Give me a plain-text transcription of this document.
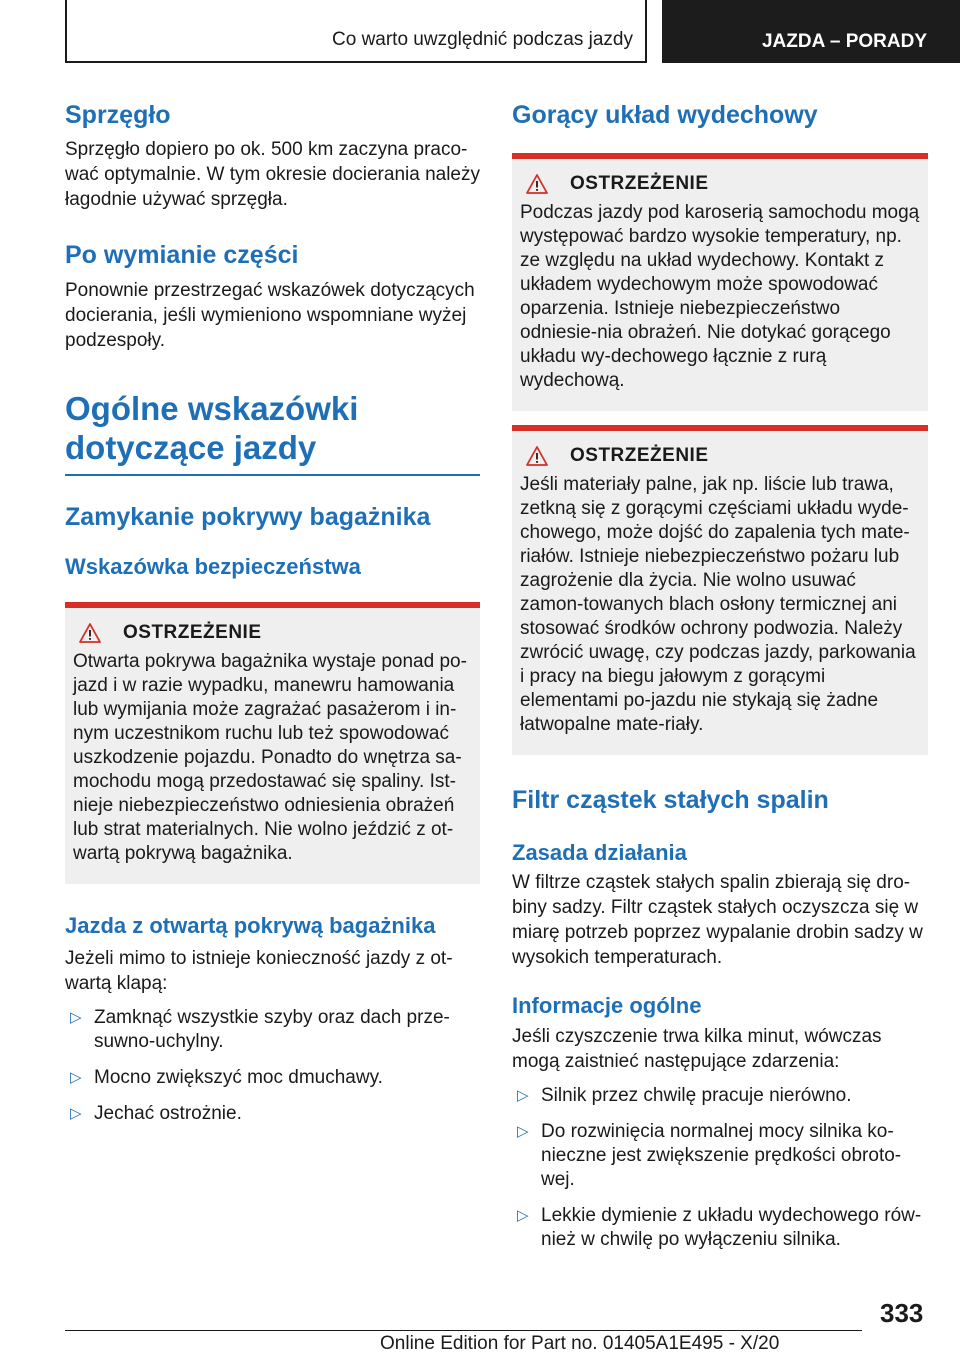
Co warto uwzględnić podczas jazdy	JAZDA – PORADY
Sprzęgło

Sprzęgło dopiero po ok. 500 km zaczyna praco‐wać optymalnie. W tym okresie docierania należy łagodnie używać sprzęgła.

Po wymianie części

Ponownie przestrzegać wskazówek dotyczących docierania, jeśli wymieniono wspomniane wyżej podzespoły.

Ogólne wskazówki
dotyczące jazdy
Zamykanie pokrywy bagażnika
Wskazówka bezpieczeństwa
OSTRZEŻENIE
Otwarta pokrywa bagażnika wystaje ponad po‐jazd i w razie wypadku, manewru hamowania lub wymijania może zagrażać pasażerom i in‐nym uczestnikom ruchu lub też spowodować uszkodzenie pojazdu. Ponadto do wnętrza sa‐mochodu mogą przedostawać się spaliny. Ist‐nieje niebezpieczeństwo odniesienia obrażeń lub strat materialnych. Nie wolno jeździć z ot‐wartą pokrywą bagażnika.
Jazda z otwartą pokrywą bagażnika

Jeżeli mimo to istnieje konieczność jazdy z ot‐wartą klapą:

▷ Zamknąć wszystkie szyby oraz dach prze‐suwno-uchylny.
▷ Mocno zwiększyć moc dmuchawy.
▷ Jechać ostrożnie.
Gorący układ wydechowy
OSTRZEŻENIE
Podczas jazdy pod karoserią samochodu mogą występować bardzo wysokie temperatury, np. ze względu na układ wydechowy. Kontakt z układem wydechowym może spowodować oparzenia. Istnieje niebezpieczeństwo odniesie‐nia obrażeń. Nie dotykać gorącego układu wy‐dechowego łącznie z rurą wydechową.
OSTRZEŻENIE
Jeśli materiały palne, jak np. liście lub trawa, zetkną się z gorącymi częściami układu wyde‐chowego, może dojść do zapalenia tych mate‐riałów. Istnieje niebezpieczeństwo pożaru lub zagrożenie dla życia. Nie wolno usuwać zamon‐towanych blach osłony termicznej ani stosować środków ochrony podwozia. Należy zwrócić uwagę, czy podczas jazdy, parkowania i pracy na biegu jałowym z gorącymi elementami po‐jazdu nie stykają się żadne łatwopalne mate‐riały.
Filtr cząstek stałych spalin
Zasada działania

W filtrze cząstek stałych spalin zbierają się dro‐biny sadzy. Filtr cząstek stałych oczyszcza się w miarę potrzeb poprzez wypalanie drobin sadzy w wysokich temperaturach.

Informacje ogólne

Jeśli czyszczenie trwa kilka minut, wówczas mogą zaistnieć następujące zdarzenia:

▷ Silnik przez chwilę pracuje nierówno.
▷ Do rozwinięcia normalnej mocy silnika ko‐nieczne jest zwiększenie prędkości obroto‐wej.
▷ Lekkie dymienie z układu wydechowego rów‐nież w chwilę po wyłączeniu silnika.
333
Online Edition for Part no. 01405A1E495 - X/20
